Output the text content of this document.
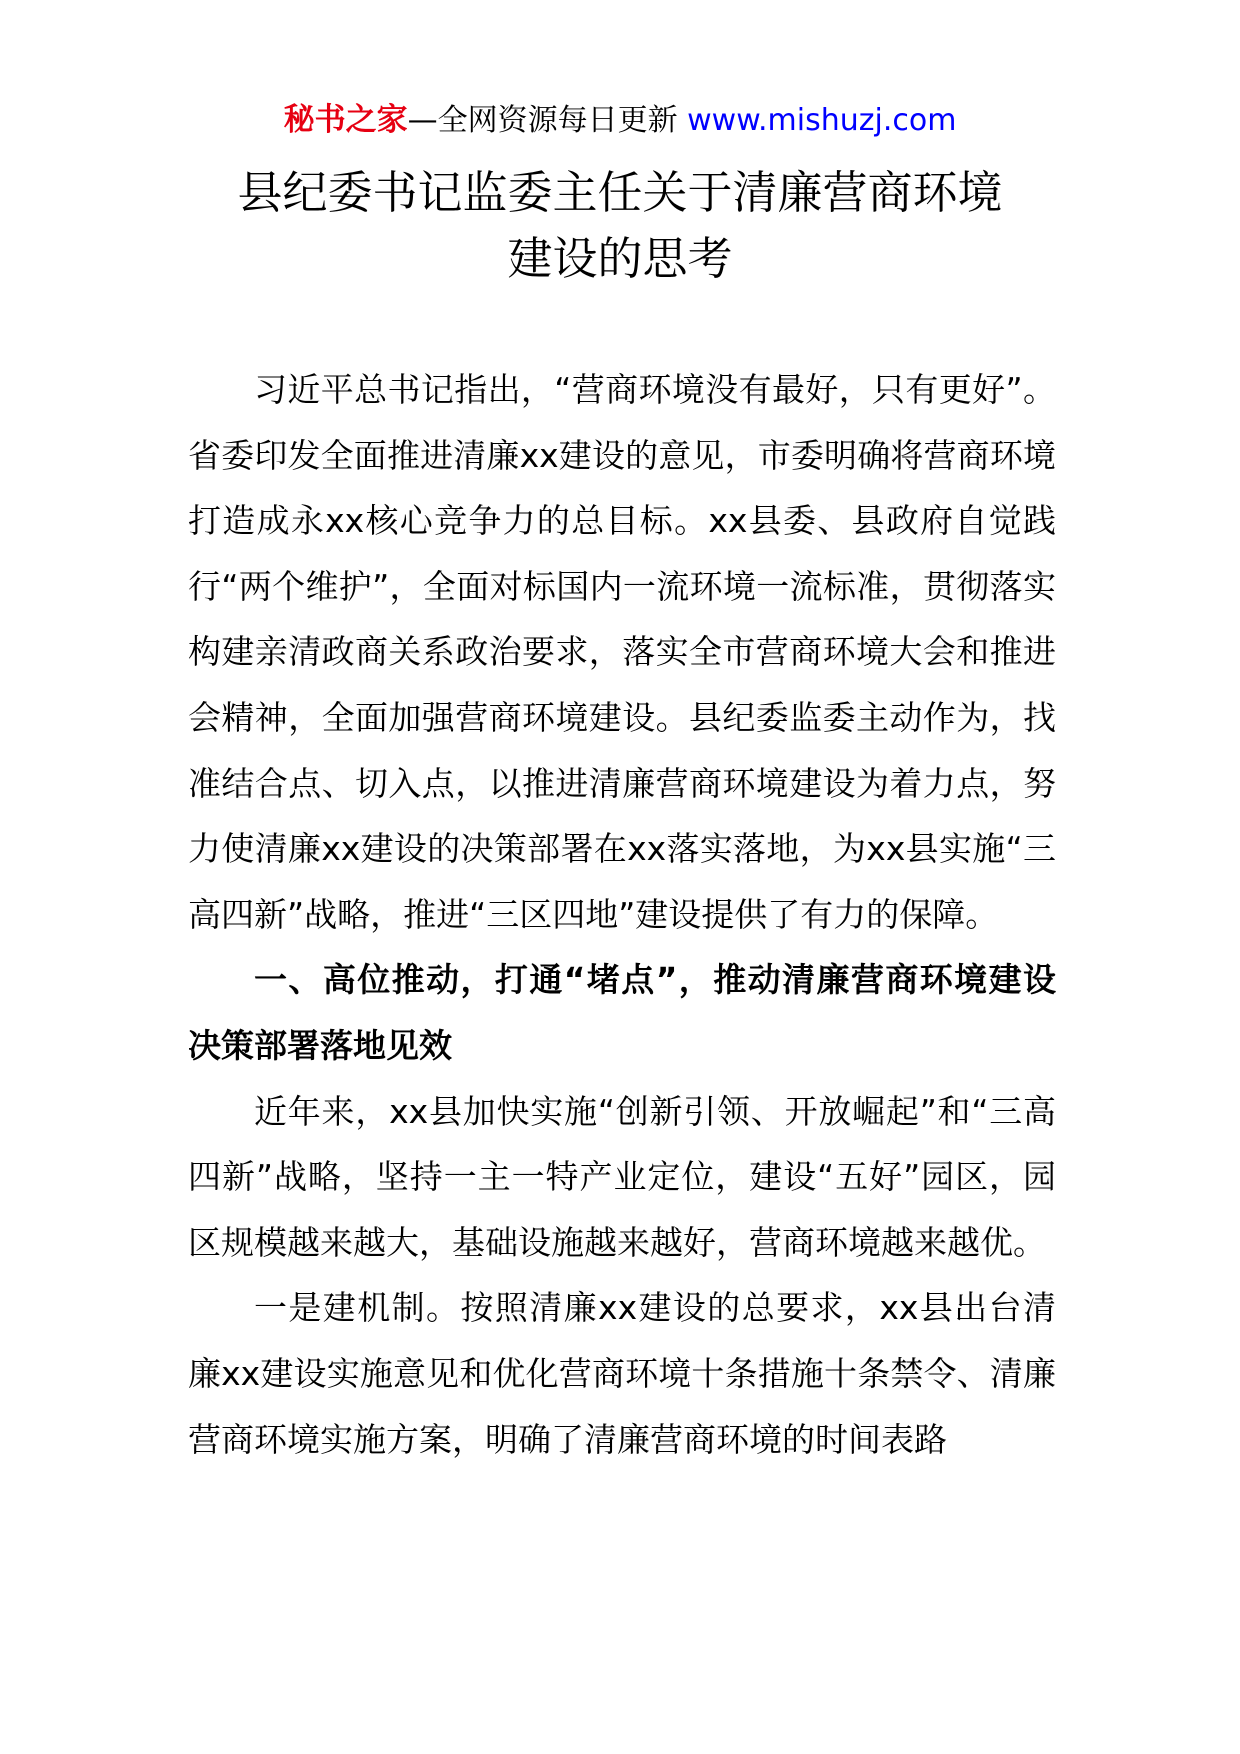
秘书之家—全网资源每日更新 www.mishuzj.com
县纪委书记监委主任关于清廉营商环境
建设的思考

习近平总书记指出，“营商环境没有最好，只有更好”。省委印发全面推进清廉xx建设的意见，市委明确将营商环境打造成永xx核心竞争力的总目标。xx县委、县政府自觉践行“两个维护”，全面对标国内一流环境一流标准，贯彻落实构建亲清政商关系政治要求，落实全市营商环境大会和推进会精神，全面加强营商环境建设。县纪委监委主动作为，找准结合点、切入点，以推进清廉营商环境建设为着力点，努力使清廉xx建设的决策部署在xx落实落地，为xx县实施“三高四新”战略，推进“三区四地”建设提供了有力的保障。

一、高位推动，打通“堵点”，推动清廉营商环境建设决策部署落地见效

近年来，xx县加快实施“创新引领、开放崛起”和“三高四新”战略，坚持一主一特产业定位，建设“五好”园区，园区规模越来越大，基础设施越来越好，营商环境越来越优。

一是建机制。按照清廉xx建设的总要求，xx县出台清廉xx建设实施意见和优化营商环境十条措施十条禁令、清廉营商环境实施方案，明确了清廉营商环境的时间表路
